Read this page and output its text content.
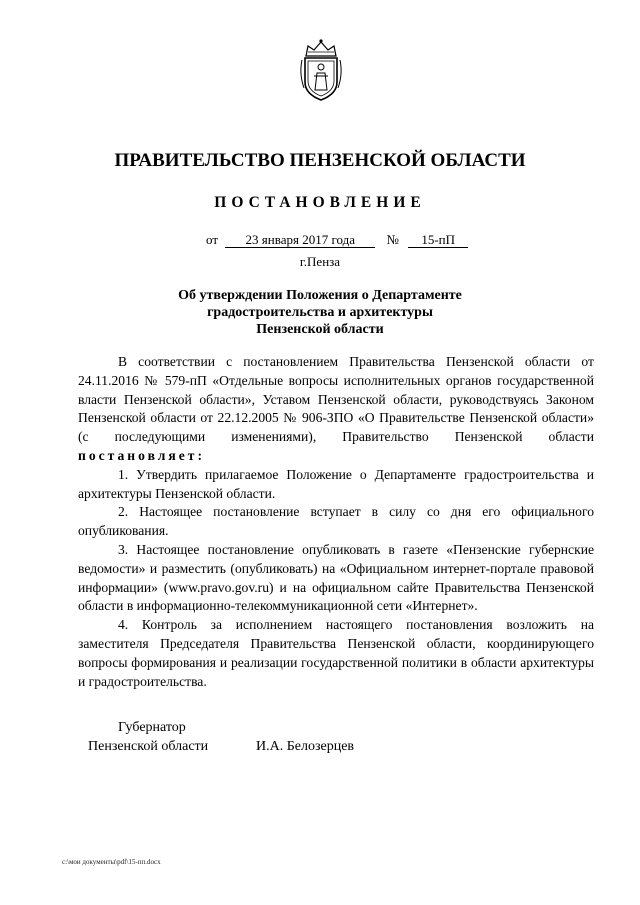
ПРАВИТЕЛЬСТВО ПЕНЗЕНСКОЙ ОБЛАСТИ
ПОСТАНОВЛЕНИЕ
от 23 января 2017 года № 15-пП
г.Пенза
Об утверждении Положения о Департаменте
градостроительства и архитектуры
Пензенской области

В соответствии с постановлением Правительства Пензенской области от 24.11.2016 № 579-пП «Отдельные вопросы исполнительных органов государственной власти Пензенской области», Уставом Пензенской области, руководствуясь Законом Пензенской области от 22.12.2005 № 906-ЗПО «О Правительстве Пензенской области» (с последующими изменениями), Правительство Пензенской области постановляет:

1. Утвердить прилагаемое Положение о Департаменте градостроительства и архитектуры Пензенской области.

2. Настоящее постановление вступает в силу со дня его официального опубликования.

3. Настоящее постановление опубликовать в газете «Пензенские губернские ведомости» и разместить (опубликовать) на «Официальном интернет-портале правовой информации» (www.pravo.gov.ru) и на официальном сайте Правительства Пензенской области в информационно-телекоммуникационной сети «Интернет».

4. Контроль за исполнением настоящего постановления возложить на заместителя Председателя Правительства Пензенской области, координирующего вопросы формирования и реализации государственной политики в области архитектуры и градостроительства.

Губернатор
Пензенской области	И.А. Белозерцев
c:\мои документы\pdf\15-пп.docx
